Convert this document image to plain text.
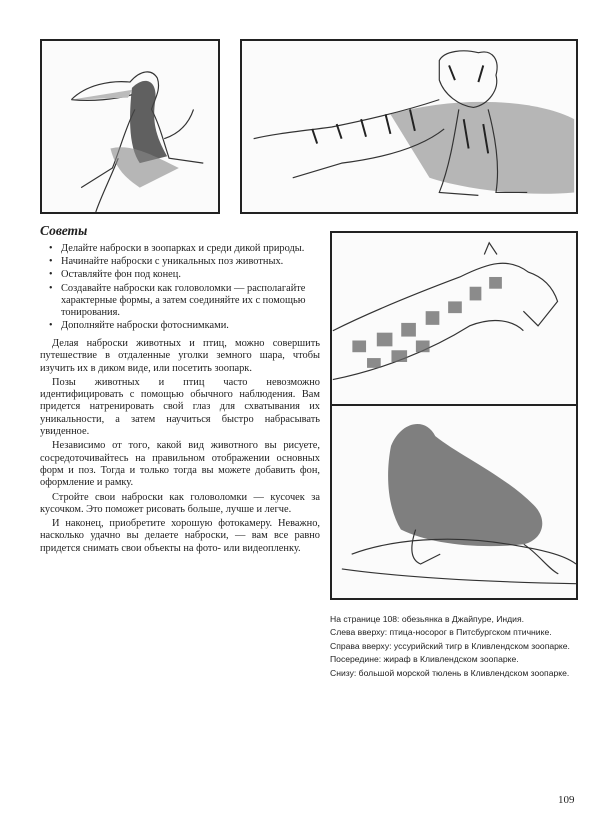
Советы
• Делайте наброски в зоопарках и среди дикой природы.
• Начинайте наброски с уникальных поз животных.
• Оставляйте фон под конец.
• Создавайте наброски как головоломки — располагайте характерные формы, а затем соединяйте их с помощью тонирования.
• Дополняйте наброски фотоснимками.

Делая наброски животных и птиц, можно совершить путешествие в отдаленные уголки земного шара, чтобы изучить их в диком виде, или посетить зоопарк.

Позы животных и птиц часто невозможно идентифицировать с помощью обычного наблюдения. Вам придется натренировать свой глаз для схватывания их уникальности, а затем научиться быстро набрасывать увиденное.

Независимо от того, какой вид животного вы рисуете, сосредоточивайтесь на правильном отображении основных форм и поз. Тогда и только тогда вы можете добавить фон, оформление и рамку.

Стройте свои наброски как головоломки — кусочек за кусочком. Это поможет рисовать больше, лучше и легче.

И наконец, приобретите хорошую фотокамеру. Неважно, насколько удачно вы делаете наброски, — вам все равно придется снимать свои объекты на фото- или видеопленку.

На странице 108: обезьянка в Джайпуре, Индия.
Слева вверху: птица-носорог в Питсбургском птичнике.
Справа вверху: уссурийский тигр в Кливлендском зоопарке.
Посередине: жираф в Кливлендском зоопарке.
Снизу: большой морской тюлень в Кливлендском зоопарке.
109
